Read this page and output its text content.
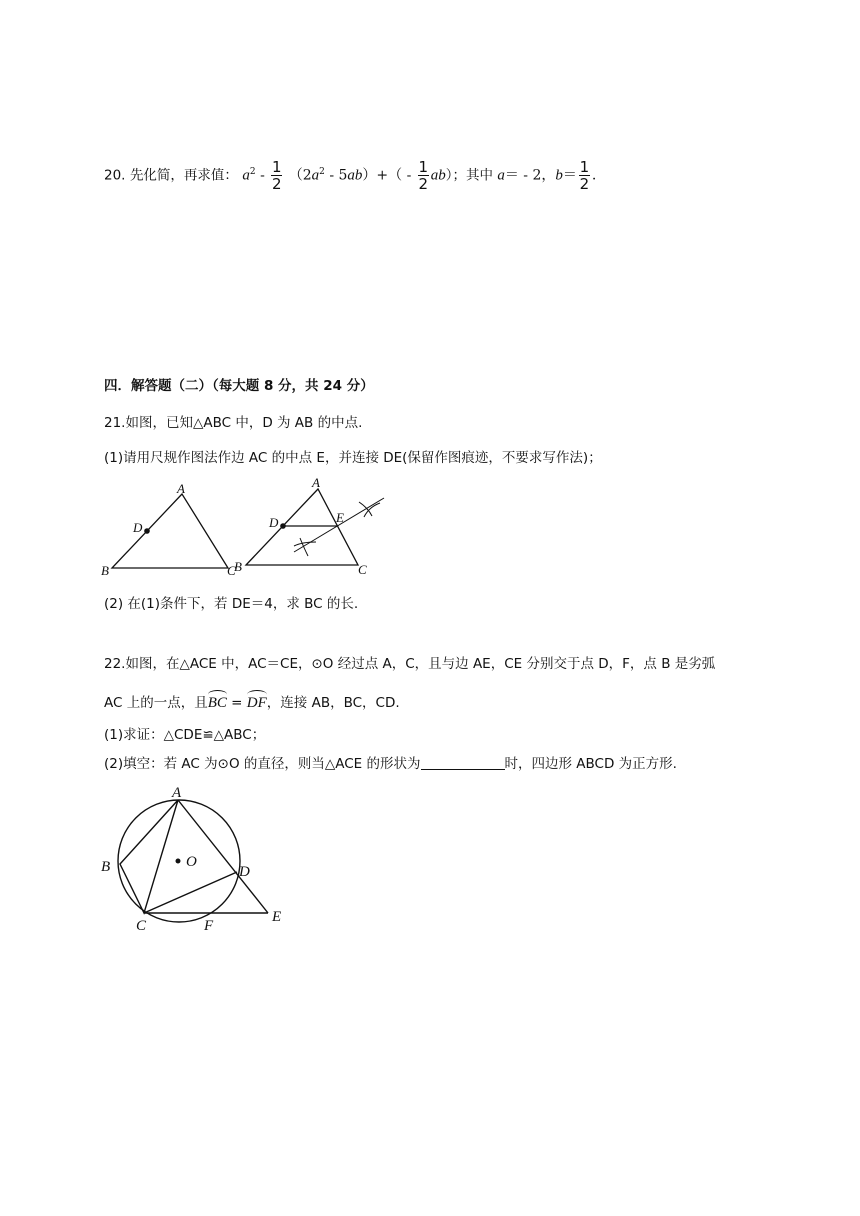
20. 先化简，再求值： $a^2 - \frac{1}{2} (2a^2 - 5ab)+( - \frac{1}{2} ab)$；其中 a＝ - 2，$b= \frac{1}{2}$ .
四．解答题（二）（每大题 8 分，共 24 分）
21.如图，已知△ABC 中，D 为 AB 的中点.
(1)请用尺规作图法作边 AC 的中点 E，并连接 DE(保留作图痕迹，不要求写作法)；
A
B	C
D
A
B	C
D	E
(2) 在(1)条件下，若 DE＝4，求 BC 的长.
22.如图，在△ACE 中，AC＝CE，⊙O 经过点 A，C，且与边 AE，CE 分别交于点 D，F，点 B 是劣弧
AC 上的一点，且BC = DF，连接 AB，BC，CD.
(1)求证：△CDE≌△ABC；
(2)填空：若 AC 为⊙O 的直径，则当△ACE 的形状为	时，四边形 ABCD 为正方形.
O
A
B
C
D
E
F
